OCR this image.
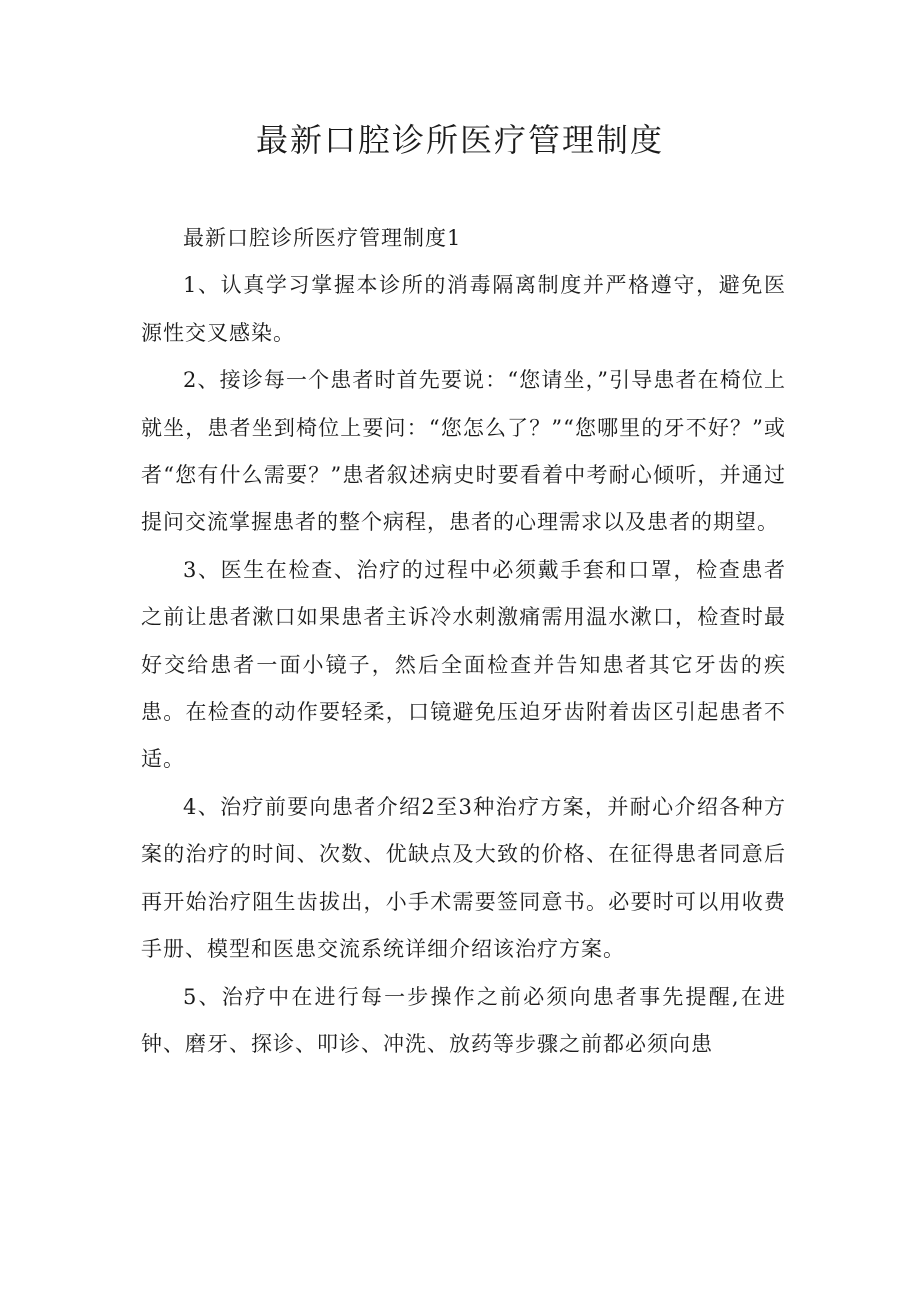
最新口腔诊所医疗管理制度

最新口腔诊所医疗管理制度1

1、认真学习掌握本诊所的消毒隔离制度并严格遵守，避免医源性交叉感染。

2、接诊每一个患者时首先要说：“您请坐，”引导患者在椅位上就坐，患者坐到椅位上要问：“您怎么了？”“您哪里的牙不好？”或者“您有什么需要？”患者叙述病史时要看着中考耐心倾听，并通过提问交流掌握患者的整个病程，患者的心理需求以及患者的期望。

3、医生在检查、治疗的过程中必须戴手套和口罩，检查患者之前让患者漱口如果患者主诉冷水刺激痛需用温水漱口，检查时最好交给患者一面小镜子，然后全面检查并告知患者其它牙齿的疾患。在检查的动作要轻柔，口镜避免压迫牙齿附着齿区引起患者不适。

4、治疗前要向患者介绍2至3种治疗方案，并耐心介绍各种方案的治疗的时间、次数、优缺点及大致的价格、在征得患者同意后再开始治疗阻生齿拔出，小手术需要签同意书。必要时可以用收费手册、模型和医患交流系统详细介绍该治疗方案。

5、治疗中在进行每一步操作之前必须向患者事先提醒,在进钟、磨牙、探诊、叩诊、冲洗、放药等步骤之前都必须向患
